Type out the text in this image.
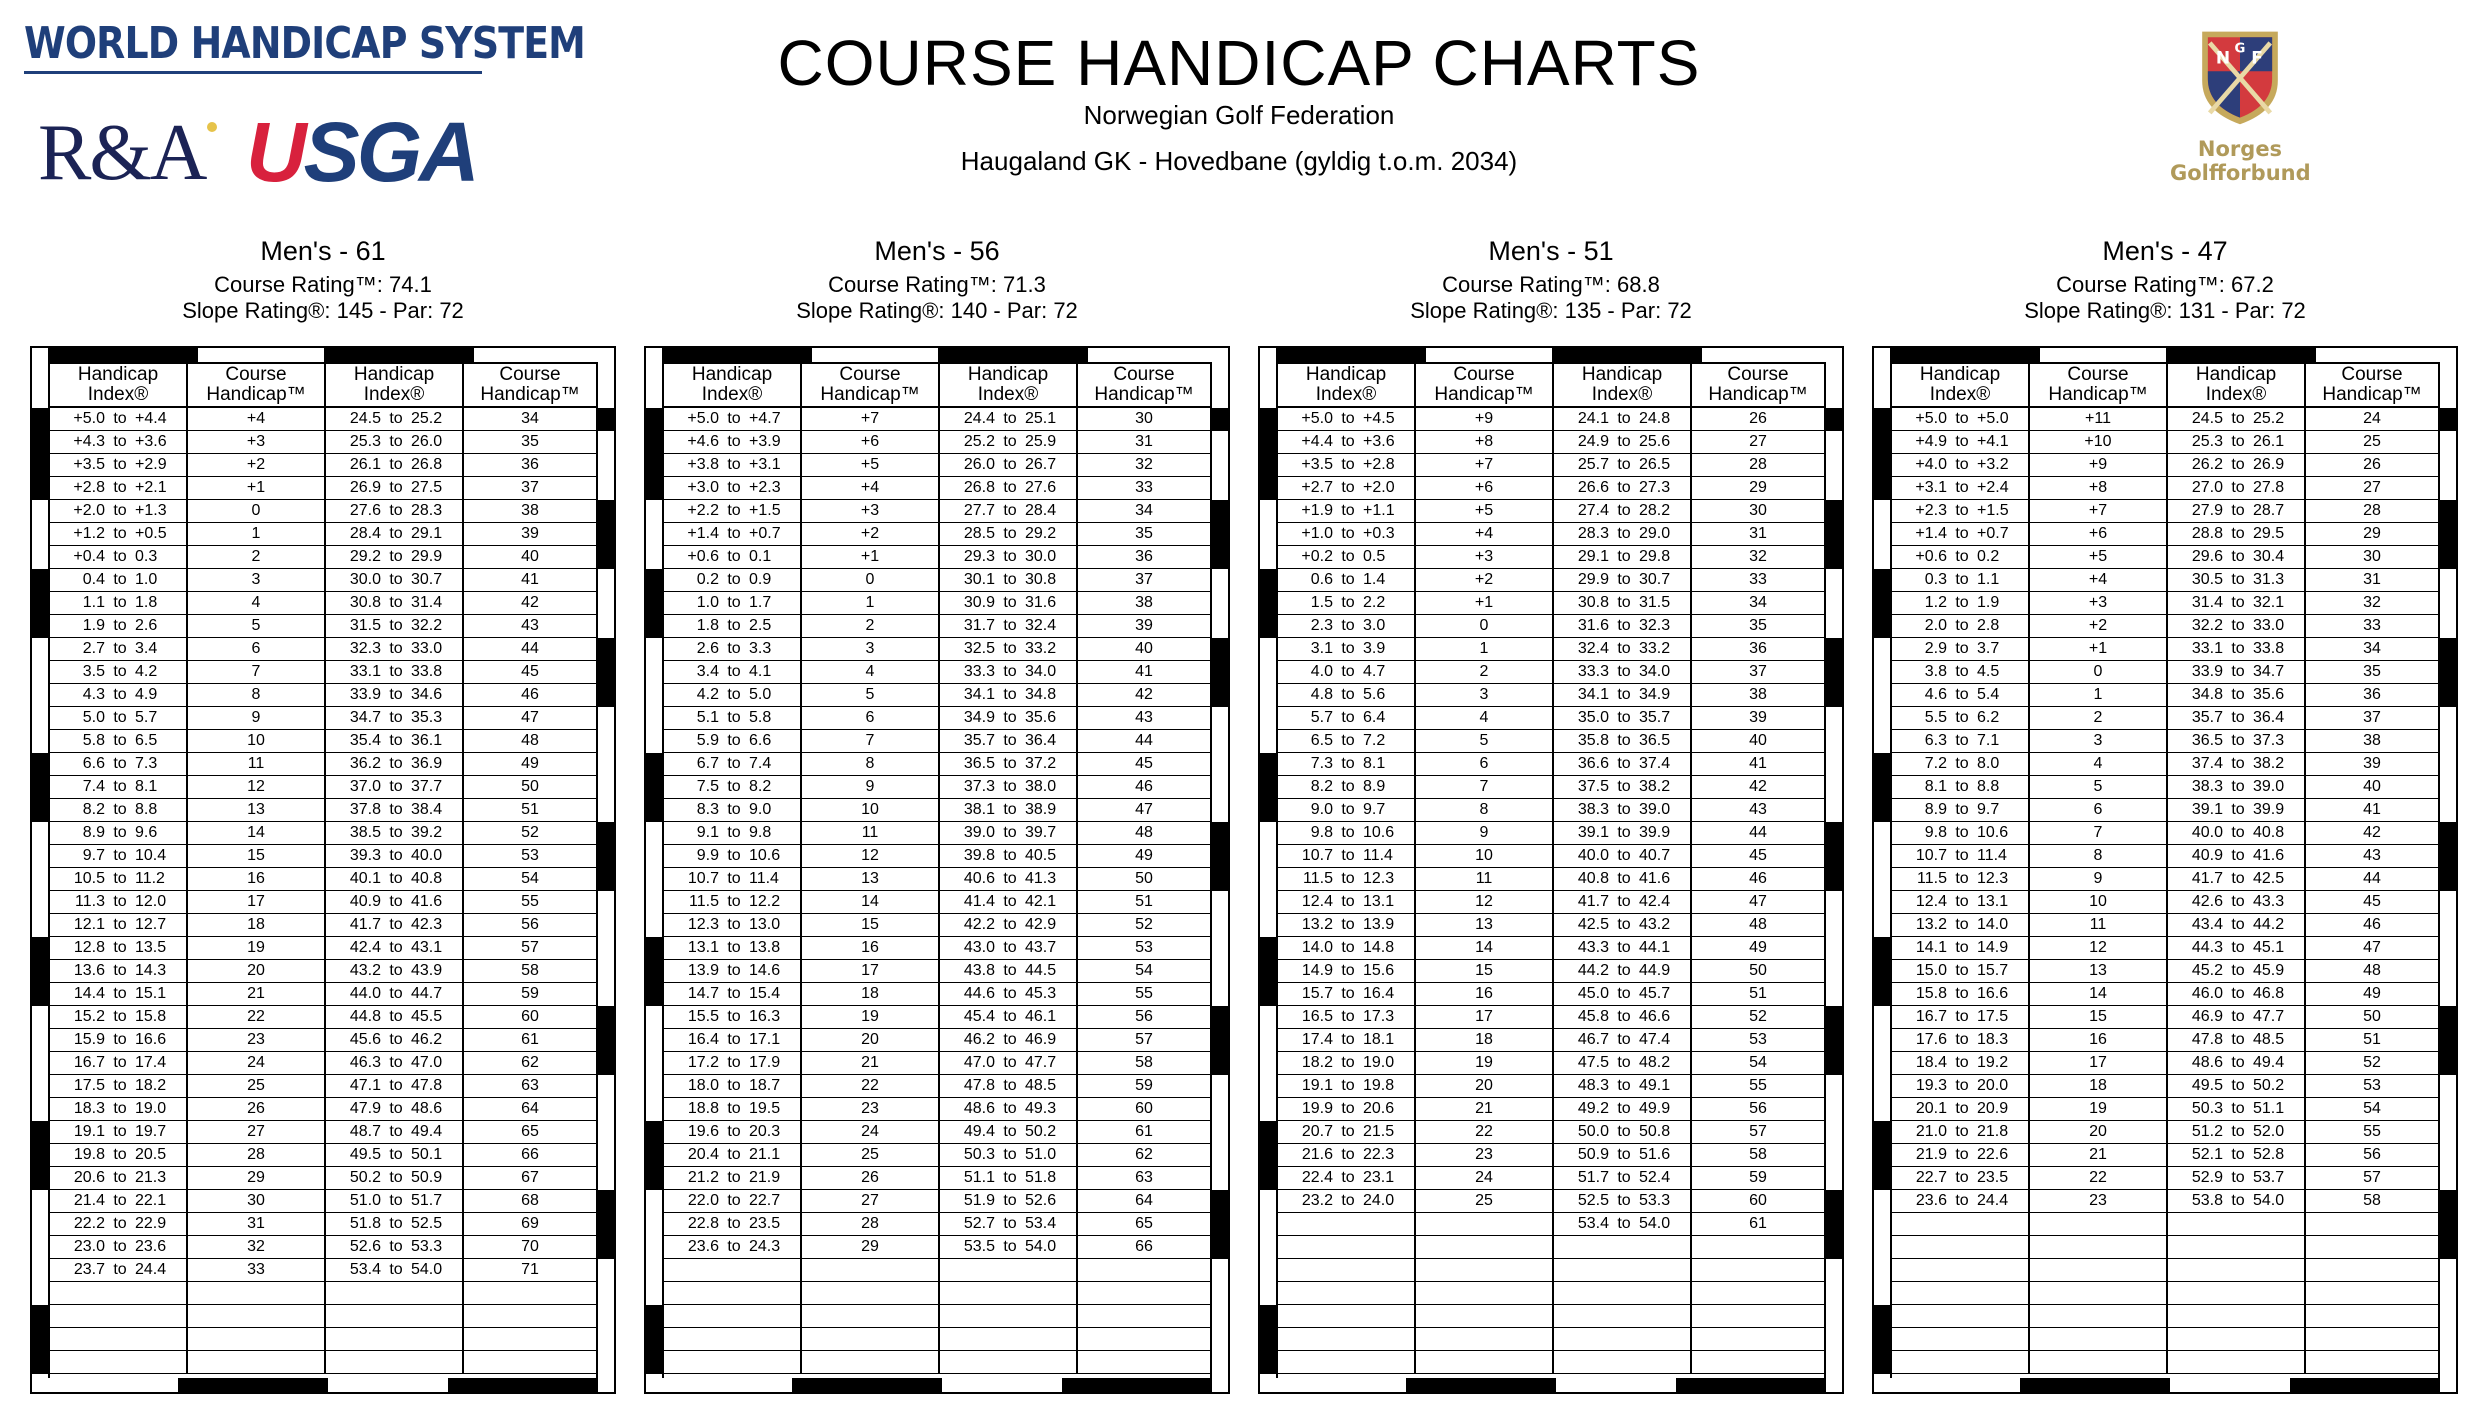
WORLD HANDICAP SYSTEM
R&A USGA
COURSE HANDICAP CHARTS
Norwegian Golf Federation
Haugaland GK - Hovedbane (gyldig t.o.m. 2034)
N G F
Norges
Golfforbund
Men's - 61
Course Rating™: 74.1
Slope Rating®: 145 - Par: 72
Handicap
Index®
Course
Handicap™
Handicap
Index®
Course
Handicap™
+5.0 to +4.4	+4	24.5 to 25.2	34
+4.3 to +3.6	+3	25.3 to 26.0	35
+3.5 to +2.9	+2	26.1 to 26.8	36
+2.8 to +2.1	+1	26.9 to 27.5	37
+2.0 to +1.3	0	27.6 to 28.3	38
+1.2 to +0.5	1	28.4 to 29.1	39
+0.4 to 0.3	2	29.2 to 29.9	40
0.4 to 1.0	3	30.0 to 30.7	41
1.1 to 1.8	4	30.8 to 31.4	42
1.9 to 2.6	5	31.5 to 32.2	43
2.7 to 3.4	6	32.3 to 33.0	44
3.5 to 4.2	7	33.1 to 33.8	45
4.3 to 4.9	8	33.9 to 34.6	46
5.0 to 5.7	9	34.7 to 35.3	47
5.8 to 6.5	10	35.4 to 36.1	48
6.6 to 7.3	11	36.2 to 36.9	49
7.4 to 8.1	12	37.0 to 37.7	50
8.2 to 8.8	13	37.8 to 38.4	51
8.9 to 9.6	14	38.5 to 39.2	52
9.7 to 10.4	15	39.3 to 40.0	53
10.5 to 11.2	16	40.1 to 40.8	54
11.3 to 12.0	17	40.9 to 41.6	55
12.1 to 12.7	18	41.7 to 42.3	56
12.8 to 13.5	19	42.4 to 43.1	57
13.6 to 14.3	20	43.2 to 43.9	58
14.4 to 15.1	21	44.0 to 44.7	59
15.2 to 15.8	22	44.8 to 45.5	60
15.9 to 16.6	23	45.6 to 46.2	61
16.7 to 17.4	24	46.3 to 47.0	62
17.5 to 18.2	25	47.1 to 47.8	63
18.3 to 19.0	26	47.9 to 48.6	64
19.1 to 19.7	27	48.7 to 49.4	65
19.8 to 20.5	28	49.5 to 50.1	66
20.6 to 21.3	29	50.2 to 50.9	67
21.4 to 22.1	30	51.0 to 51.7	68
22.2 to 22.9	31	51.8 to 52.5	69
23.0 to 23.6	32	52.6 to 53.3	70
23.7 to 24.4	33	53.4 to 54.0	71
Men's - 56
Course Rating™: 71.3
Slope Rating®: 140 - Par: 72
Handicap
Index®
Course
Handicap™
Handicap
Index®
Course
Handicap™
+5.0 to +4.7	+7	24.4 to 25.1	30
+4.6 to +3.9	+6	25.2 to 25.9	31
+3.8 to +3.1	+5	26.0 to 26.7	32
+3.0 to +2.3	+4	26.8 to 27.6	33
+2.2 to +1.5	+3	27.7 to 28.4	34
+1.4 to +0.7	+2	28.5 to 29.2	35
+0.6 to 0.1	+1	29.3 to 30.0	36
0.2 to 0.9	0	30.1 to 30.8	37
1.0 to 1.7	1	30.9 to 31.6	38
1.8 to 2.5	2	31.7 to 32.4	39
2.6 to 3.3	3	32.5 to 33.2	40
3.4 to 4.1	4	33.3 to 34.0	41
4.2 to 5.0	5	34.1 to 34.8	42
5.1 to 5.8	6	34.9 to 35.6	43
5.9 to 6.6	7	35.7 to 36.4	44
6.7 to 7.4	8	36.5 to 37.2	45
7.5 to 8.2	9	37.3 to 38.0	46
8.3 to 9.0	10	38.1 to 38.9	47
9.1 to 9.8	11	39.0 to 39.7	48
9.9 to 10.6	12	39.8 to 40.5	49
10.7 to 11.4	13	40.6 to 41.3	50
11.5 to 12.2	14	41.4 to 42.1	51
12.3 to 13.0	15	42.2 to 42.9	52
13.1 to 13.8	16	43.0 to 43.7	53
13.9 to 14.6	17	43.8 to 44.5	54
14.7 to 15.4	18	44.6 to 45.3	55
15.5 to 16.3	19	45.4 to 46.1	56
16.4 to 17.1	20	46.2 to 46.9	57
17.2 to 17.9	21	47.0 to 47.7	58
18.0 to 18.7	22	47.8 to 48.5	59
18.8 to 19.5	23	48.6 to 49.3	60
19.6 to 20.3	24	49.4 to 50.2	61
20.4 to 21.1	25	50.3 to 51.0	62
21.2 to 21.9	26	51.1 to 51.8	63
22.0 to 22.7	27	51.9 to 52.6	64
22.8 to 23.5	28	52.7 to 53.4	65
23.6 to 24.3	29	53.5 to 54.0	66
Men's - 51
Course Rating™: 68.8
Slope Rating®: 135 - Par: 72
Handicap
Index®
Course
Handicap™
Handicap
Index®
Course
Handicap™
+5.0 to +4.5	+9	24.1 to 24.8	26
+4.4 to +3.6	+8	24.9 to 25.6	27
+3.5 to +2.8	+7	25.7 to 26.5	28
+2.7 to +2.0	+6	26.6 to 27.3	29
+1.9 to +1.1	+5	27.4 to 28.2	30
+1.0 to +0.3	+4	28.3 to 29.0	31
+0.2 to 0.5	+3	29.1 to 29.8	32
0.6 to 1.4	+2	29.9 to 30.7	33
1.5 to 2.2	+1	30.8 to 31.5	34
2.3 to 3.0	0	31.6 to 32.3	35
3.1 to 3.9	1	32.4 to 33.2	36
4.0 to 4.7	2	33.3 to 34.0	37
4.8 to 5.6	3	34.1 to 34.9	38
5.7 to 6.4	4	35.0 to 35.7	39
6.5 to 7.2	5	35.8 to 36.5	40
7.3 to 8.1	6	36.6 to 37.4	41
8.2 to 8.9	7	37.5 to 38.2	42
9.0 to 9.7	8	38.3 to 39.0	43
9.8 to 10.6	9	39.1 to 39.9	44
10.7 to 11.4	10	40.0 to 40.7	45
11.5 to 12.3	11	40.8 to 41.6	46
12.4 to 13.1	12	41.7 to 42.4	47
13.2 to 13.9	13	42.5 to 43.2	48
14.0 to 14.8	14	43.3 to 44.1	49
14.9 to 15.6	15	44.2 to 44.9	50
15.7 to 16.4	16	45.0 to 45.7	51
16.5 to 17.3	17	45.8 to 46.6	52
17.4 to 18.1	18	46.7 to 47.4	53
18.2 to 19.0	19	47.5 to 48.2	54
19.1 to 19.8	20	48.3 to 49.1	55
19.9 to 20.6	21	49.2 to 49.9	56
20.7 to 21.5	22	50.0 to 50.8	57
21.6 to 22.3	23	50.9 to 51.6	58
22.4 to 23.1	24	51.7 to 52.4	59
23.2 to 24.0	25	52.5 to 53.3	60
53.4 to 54.0	61
Men's - 47
Course Rating™: 67.2
Slope Rating®: 131 - Par: 72
Handicap
Index®
Course
Handicap™
Handicap
Index®
Course
Handicap™
+5.0 to +5.0	+11	24.5 to 25.2	24
+4.9 to +4.1	+10	25.3 to 26.1	25
+4.0 to +3.2	+9	26.2 to 26.9	26
+3.1 to +2.4	+8	27.0 to 27.8	27
+2.3 to +1.5	+7	27.9 to 28.7	28
+1.4 to +0.7	+6	28.8 to 29.5	29
+0.6 to 0.2	+5	29.6 to 30.4	30
0.3 to 1.1	+4	30.5 to 31.3	31
1.2 to 1.9	+3	31.4 to 32.1	32
2.0 to 2.8	+2	32.2 to 33.0	33
2.9 to 3.7	+1	33.1 to 33.8	34
3.8 to 4.5	0	33.9 to 34.7	35
4.6 to 5.4	1	34.8 to 35.6	36
5.5 to 6.2	2	35.7 to 36.4	37
6.3 to 7.1	3	36.5 to 37.3	38
7.2 to 8.0	4	37.4 to 38.2	39
8.1 to 8.8	5	38.3 to 39.0	40
8.9 to 9.7	6	39.1 to 39.9	41
9.8 to 10.6	7	40.0 to 40.8	42
10.7 to 11.4	8	40.9 to 41.6	43
11.5 to 12.3	9	41.7 to 42.5	44
12.4 to 13.1	10	42.6 to 43.3	45
13.2 to 14.0	11	43.4 to 44.2	46
14.1 to 14.9	12	44.3 to 45.1	47
15.0 to 15.7	13	45.2 to 45.9	48
15.8 to 16.6	14	46.0 to 46.8	49
16.7 to 17.5	15	46.9 to 47.7	50
17.6 to 18.3	16	47.8 to 48.5	51
18.4 to 19.2	17	48.6 to 49.4	52
19.3 to 20.0	18	49.5 to 50.2	53
20.1 to 20.9	19	50.3 to 51.1	54
21.0 to 21.8	20	51.2 to 52.0	55
21.9 to 22.6	21	52.1 to 52.8	56
22.7 to 23.5	22	52.9 to 53.7	57
23.6 to 24.4	23	53.8 to 54.0	58
